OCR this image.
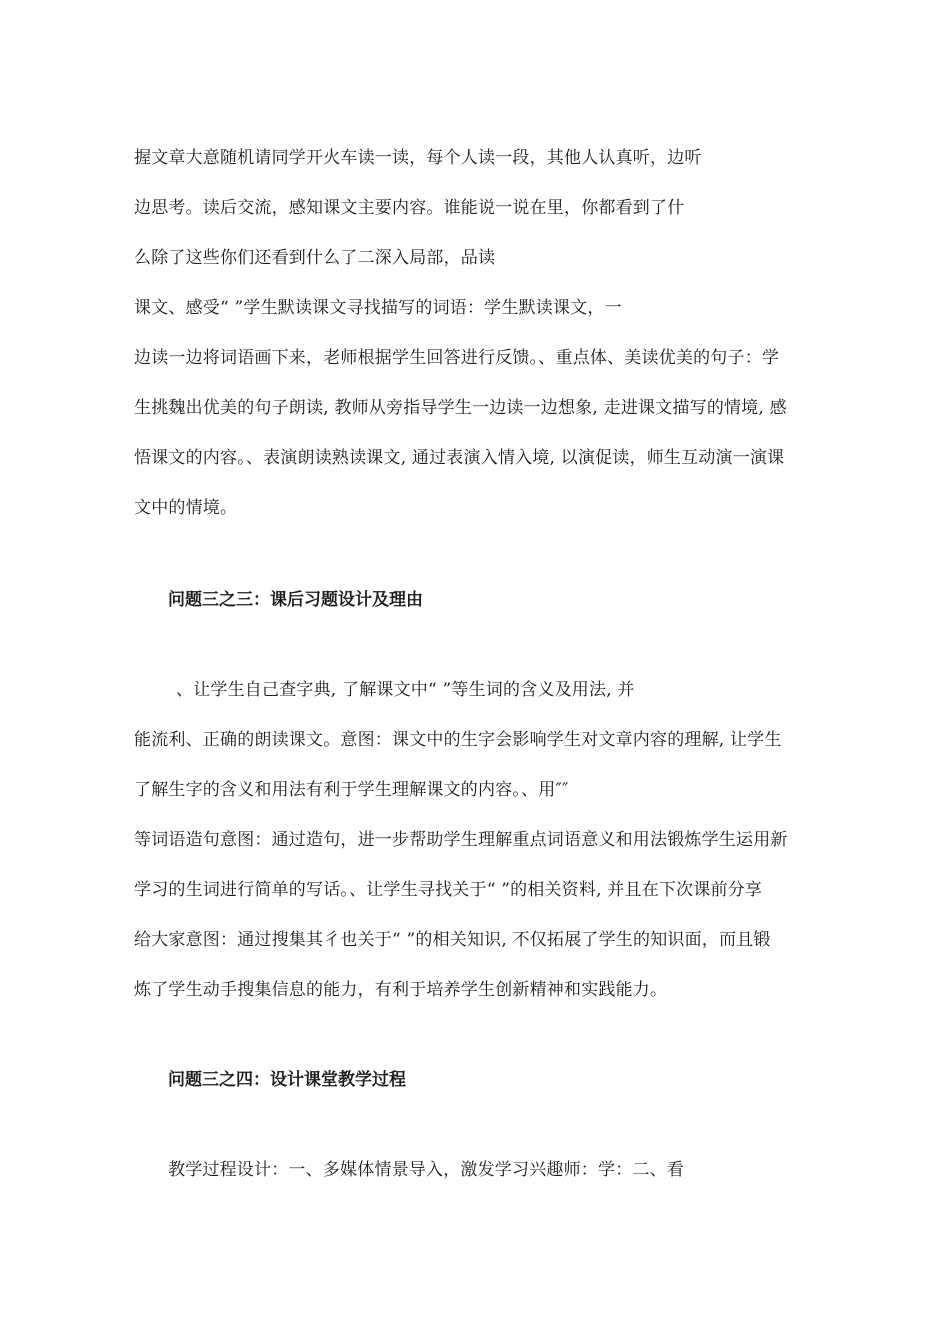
握文章大意随机请同学开火车读一读，每个人读一段，其他人认真听，边听
边思考。读后交流，感知课文主要内容。谁能说一说在里，你都看到了什
么除了这些你们还看到什么了二深入局部，品读
课文、感受“ ”学生默读课文寻找描写的词语：学生默读课文，一
边读一边将词语画下来，老师根据学生回答进行反馈。、重点体、美读优美的句子：学
生挑魏出优美的句子朗读, 教师从旁指导学生一边读一边想象, 走进课文描写的情境, 感
悟课文的内容。、表演朗读熟读课文, 通过表演入情入境, 以演促读，师生互动演一演课
文中的情境。
问题三之三：课后习题设计及理由
、让学生自己查字典, 了解课文中“ ”等生词的含义及用法, 并
能流利、正确的朗读课文。意图：课文中的生字会影响学生对文章内容的理解, 让学生
了解生字的含义和用法有利于学生理解课文的内容。、用″″
等词语造句意图：通过造句，进一步帮助学生理解重点词语意义和用法锻炼学生运用新
学习的生词进行简单的写话。、让学生寻找关于“ ”的相关资料, 并且在下次课前分享
给大家意图：通过搜集其彳也关于“ ”的相关知识, 不仅拓展了学生的知识面，而且锻
炼了学生动手搜集信息的能力，有利于培养学生创新精神和实践能力。
问题三之四：设计课堂教学过程
教学过程设计：一、多媒体情景导入，激发学习兴趣师：学：二、看
